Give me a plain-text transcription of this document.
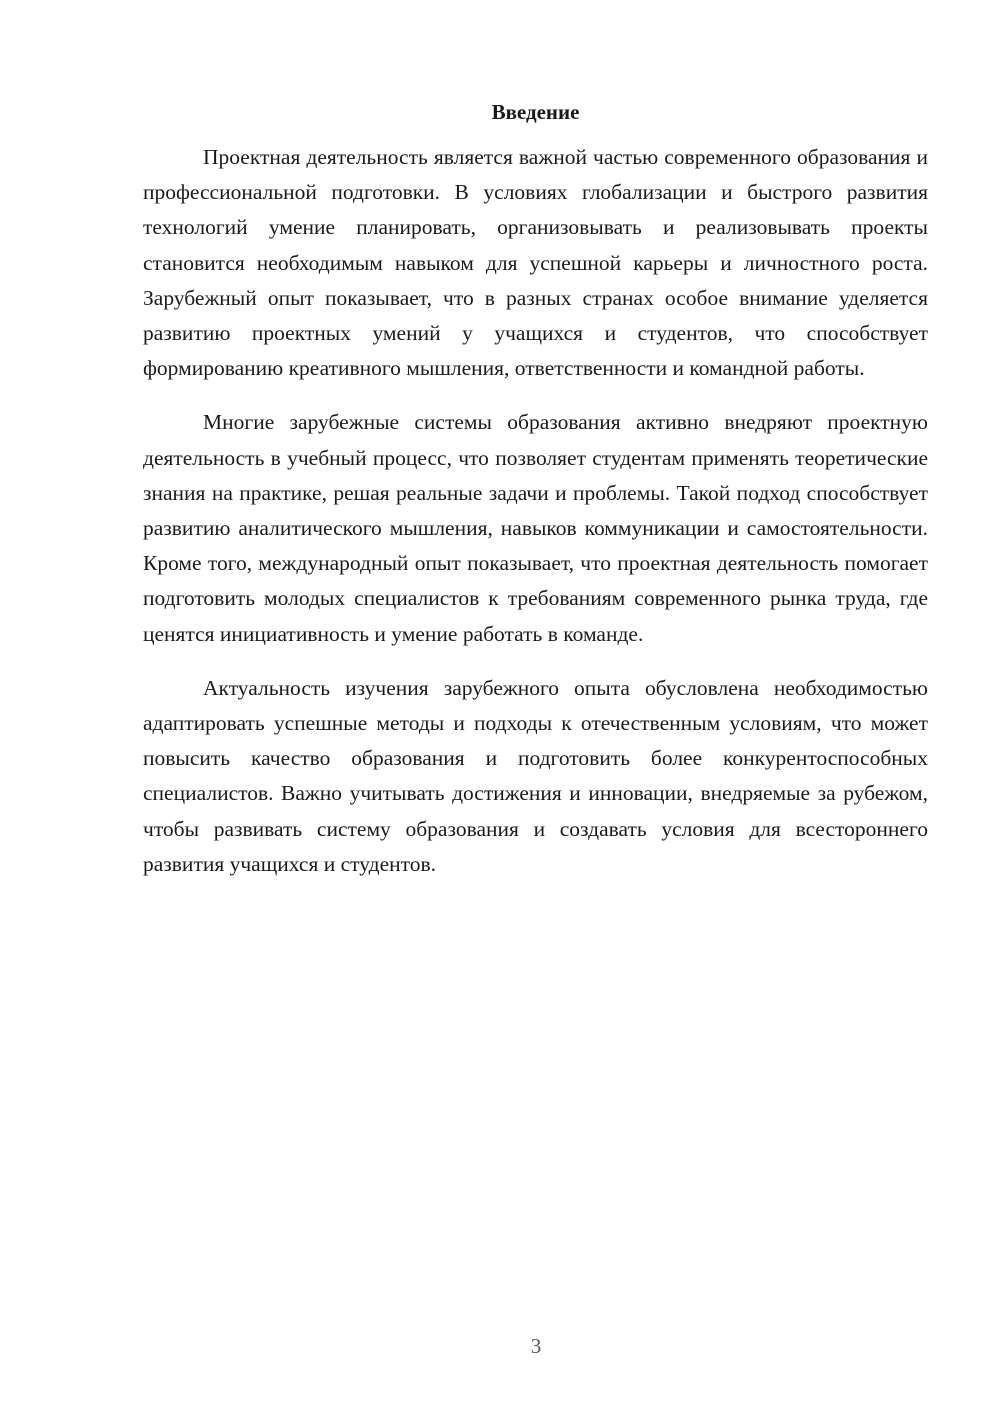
Введение

Проектная деятельность является важной частью современного образования и профессиональной подготовки. В условиях глобализации и быстрого развития технологий умение планировать, организовывать и реализовывать проекты становится необходимым навыком для успешной карьеры и личностного роста. Зарубежный опыт показывает, что в разных странах особое внимание уделяется развитию проектных умений у учащихся и студентов, что способствует формированию креативного мышления, ответственности и командной работы.

Многие зарубежные системы образования активно внедряют проектную деятельность в учебный процесс, что позволяет студентам применять теоретические знания на практике, решая реальные задачи и проблемы. Такой подход способствует развитию аналитического мышления, навыков коммуникации и самостоятельности. Кроме того, международный опыт показывает, что проектная деятельность помогает подготовить молодых специалистов к требованиям современного рынка труда, где ценятся инициативность и умение работать в команде.

Актуальность изучения зарубежного опыта обусловлена необходимостью адаптировать успешные методы и подходы к отечественным условиям, что может повысить качество образования и подготовить более конкурентоспособных специалистов. Важно учитывать достижения и инновации, внедряемые за рубежом, чтобы развивать систему образования и создавать условия для всестороннего развития учащихся и студентов.

3
